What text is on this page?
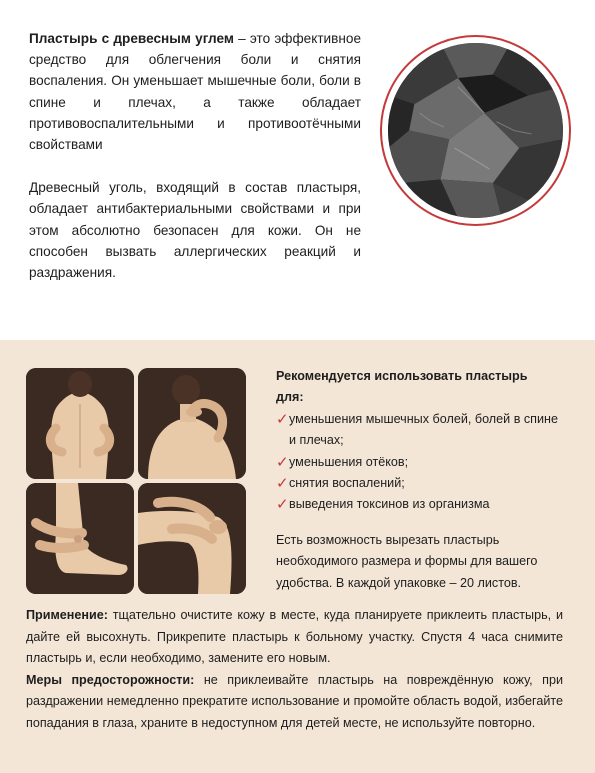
Пластырь с древесным углем – это эффективное средство для облегчения боли и снятия воспаления. Он уменьшает мышечные боли, боли в спине и плечах, а также обладает противовоспалительными и противоотёчными свойствами

Древесный уголь, входящий в состав пластыря, обладает антибактериальными свойствами и при этом абсолютно безопасен для кожи. Он не способен вызвать аллергических реакций и раздражения.

Рекомендуется использовать пластырь для:
✓ уменьшения мышечных болей, болей в спине и плечах;
✓ уменьшения отёков;
✓ снятия воспалений;
✓ выведения токсинов из организма
Есть возможность вырезать пластырь необходимого размера и формы для вашего удобства. В каждой упаковке – 20 листов.

Применение: тщательно очистите кожу в месте, куда планируете приклеить пластырь, и дайте ей высохнуть. Прикрепите пластырь к больному участку. Спустя 4 часа снимите пластырь и, если необходимо, замените его новым.

Меры предосторожности: не приклеивайте пластырь на повреждённую кожу, при раздражении немедленно прекратите использование и промойте область водой, избегайте попадания в глаза, храните в недоступном для детей месте, не используйте повторно.
